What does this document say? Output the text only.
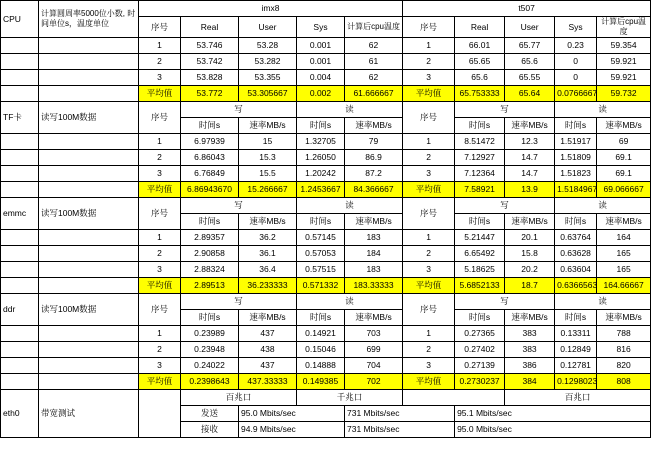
CPU	计算圆周率5000位小数, 时间单位s，温度单位	imx8					t507				
		序号	Real	User	Sys	计算后cpu温度	序号	Real	User	Sys	计算后cpu温度
		1	53.746	53.28	0.001	62	1	66.01	65.77	0.23	59.354
		2	53.742	53.282	0.001	61	2	65.65	65.6	0	59.921
		3	53.828	53.355	0.004	62	3	65.6	65.55	0	59.921
		平均值	53.772	53.305667	0.002	61.666667	平均值	65.753333	65.64	0.0766667	59.732
TF卡	读写100M数据	序号	写		读		序号	写		读	
			时间s	速率MB/s	时间s	速率MB/s		时间s	速率MB/s	时间s	速率MB/s
		1	6.97939	15	1.32705	79	1	8.51472	12.3	1.51917	69
		2	6.86043	15.3	1.26050	86.9	2	7.12927	14.7	1.51809	69.1
		3	6.76849	15.5	1.20242	87.2	3	7.12364	14.7	1.51823	69.1
		平均值	6.86943670	15.266667	1.2453667	84.366667	平均值	7.58921	13.9	1.5184967	69.066667
emmc	读写100M数据	序号	写		读		序号	写		读	
			时间s	速率MB/s	时间s	速率MB/s		时间s	速率MB/s	时间s	速率MB/s
		1	2.89357	36.2	0.57145	183	1	5.21447	20.1	0.63764	164
		2	2.90858	36.1	0.57053	184	2	6.65492	15.8	0.63628	165
		3	2.88324	36.4	0.57515	183	3	5.18625	20.2	0.63604	165
		平均值	2.89513	36.233333	0.571332	183.33333	平均值	5.6852133	18.7	0.6366563	164.66667
ddr	读写100M数据	序号	写		读		序号	写		读	
			时间s	速率MB/s	时间s	速率MB/s		时间s	速率MB/s	时间s	速率MB/s
		1	0.23989	437	0.14921	703	1	0.27365	383	0.13311	788
		2	0.23948	438	0.15046	699	2	0.27402	383	0.12849	816
		3	0.24022	437	0.14888	704	3	0.27139	386	0.12781	820
		平均值	0.2398643	437.33333	0.149385	702	平均值	0.2730237	384	0.1298023	808
eth0	带宽测试		百兆口		千兆口				百兆口		
			发送	95.0 Mbits/sec		731 Mbits/sec		95.1 Mbits/sec			
			接收	94.9 Mbits/sec		731 Mbits/sec		95.0 Mbits/sec			
